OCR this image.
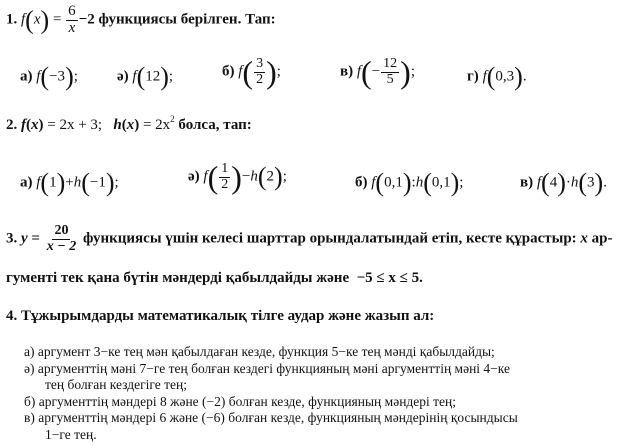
1. $f(x) = \frac{6}{x} -2$ функциясы берілген. Тап:
а) f(−3);	ә) f(12);	б) $f( \frac{3}{2}$ );	в) $f(- \frac{12}{5}$ );	г) f(0,3).
2. f(x) = 2x + 3; $h(x) = 2x^2$ болса, тап:
а) f(1)+h(−1);	ә) $f( \frac{1}{2} )-h(2)$;	б) f(0,1):h(0,1);	в) f(4)·h(3).
3. $y = \frac{20}{x - 2}$ функциясы үшін келесі шарттар орындалатындай етіп, кесте құрастыр: x ар-
гументі тек қана бүтін мәндерді қабылдайды және −5 ≤ x ≤ 5.
4. Тұжырымдарды математикалық тілге аудар және жазып ал:
а) аргумент 3−ке тең мән қабылдаған кезде, функция 5−ке тең мәнді қабылдайды;
ә) аргументтің мәні 7−ге тең болған кездегі функцияның мәні аргументтің мәні 4−ке
тең болған кездегіге тең;
б) аргументтің мәндері 8 және (−2) болған кезде, функцияның мәндері тең;
в) аргументтің мәндері 6 және (−6) болған кезде, функцияның мәндерінің қосындысы
1−ге тең.
